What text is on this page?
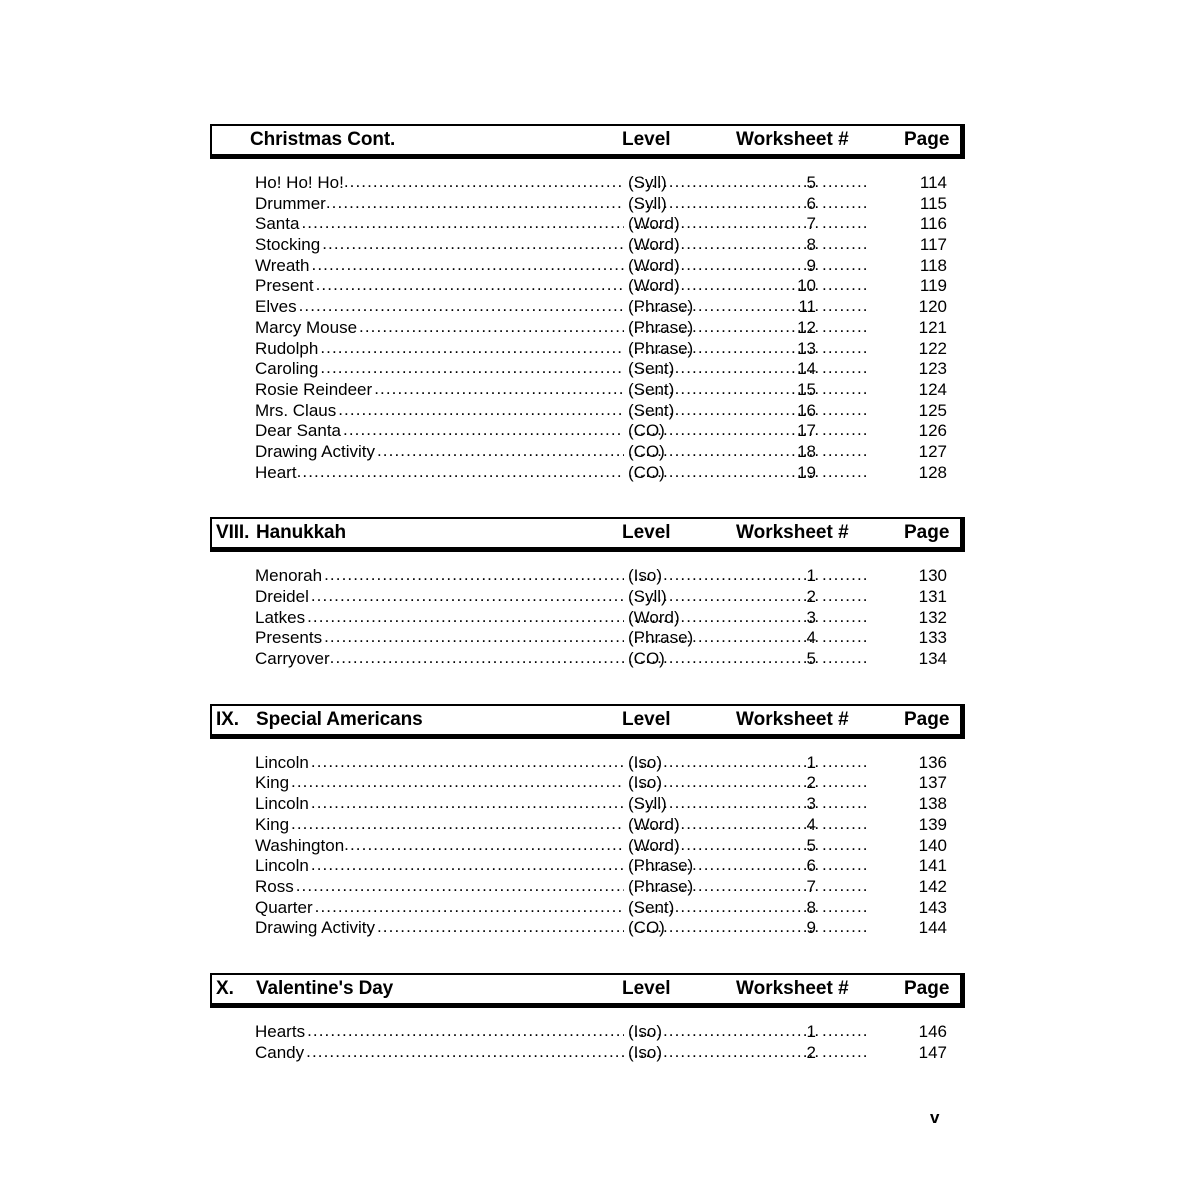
Christmas Cont.	Level	Worksheet #	Page
Ho! Ho! Ho! .....	(Syll) .....	5 .....	114
Drummer .....	(Syll) .....	6 .....	115
Santa .....	(Word) .....	7 .....	116
Stocking .....	(Word) .....	8 .....	117
Wreath .....	(Word) .....	9 .....	118
Present .....	(Word) .....	10 .....	119
Elves .....	(Phrase) .....	11 .....	120
Marcy Mouse .....	(Phrase) .....	12 .....	121
Rudolph .....	(Phrase) .....	13 .....	122
Caroling .....	(Sent) .....	14 .....	123
Rosie Reindeer .....	(Sent) .....	15 .....	124
Mrs. Claus .....	(Sent) .....	16 .....	125
Dear Santa .....	(CO) .....	17 .....	126
Drawing Activity .....	(CO) .....	18 .....	127
Heart .....	(CO) .....	19 .....	128
VIII. Hanukkah	Level	Worksheet #	Page
Menorah .....	(Iso) .....	1 .....	130
Dreidel .....	(Syll) .....	2 .....	131
Latkes .....	(Word) .....	3 .....	132
Presents .....	(Phrase) .....	4 .....	133
Carryover .....	(CO) .....	5 .....	134
IX. Special Americans	Level	Worksheet #	Page
Lincoln .....	(Iso) .....	1 .....	136
King .....	(Iso) .....	2 .....	137
Lincoln .....	(Syll) .....	3 .....	138
King .....	(Word) .....	4 .....	139
Washington .....	(Word) .....	5 .....	140
Lincoln .....	(Phrase) .....	6 .....	141
Ross .....	(Phrase) .....	7 .....	142
Quarter .....	(Sent) .....	8 .....	143
Drawing Activity .....	(CO) .....	9 .....	144
X.	Valentine's Day	Level	Worksheet #	Page
Hearts .....	(Iso) .....	1 .....	146
Candy .....	(Iso) .....	2 .....	147
v
